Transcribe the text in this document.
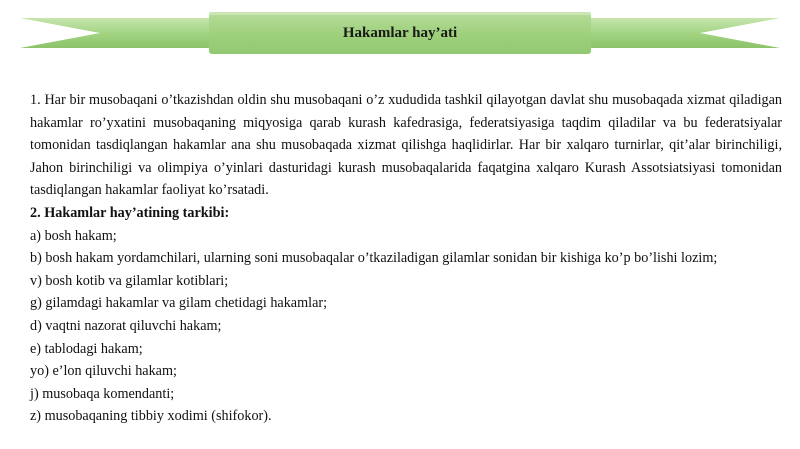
Hakamlar hay’ati

1. Har bir musobaqani o’tkazishdan oldin shu musobaqani o’z xududida tashkil qilayotgan davlat shu musobaqada xizmat qiladigan hakamlar ro’yxatini musobaqaning miqyosiga qarab kurash kafedrasiga, federatsiyasiga taqdim qiladilar va bu federatsiyalar tomonidan tasdiqlangan hakamlar ana shu musobaqada xizmat qilishga haqlidirlar. Har bir xalqaro turnirlar, qit’alar birinchiligi, Jahon birinchiligi va olimpiya o’yinlari dasturidagi kurash musobaqalarida faqatgina xalqaro Kurash Assotsiatsiyasi tomonidan tasdiqlangan hakamlar faoliyat ko’rsatadi.

2. Hakamlar hay’atining tarkibi:

a) bosh hakam;

b) bosh hakam yordamchilari, ularning soni musobaqalar o’tkaziladigan gilamlar sonidan bir kishiga ko’p bo’lishi lozim;

v) bosh kotib va gilamlar kotiblari;

g) gilamdagi hakamlar va gilam chetidagi hakamlar;

d) vaqtni nazorat qiluvchi hakam;

e) tablodagi hakam;

yo) e’lon qiluvchi hakam;

j) musobaqa komendanti;

z) musobaqaning tibbiy xodimi (shifokor).
